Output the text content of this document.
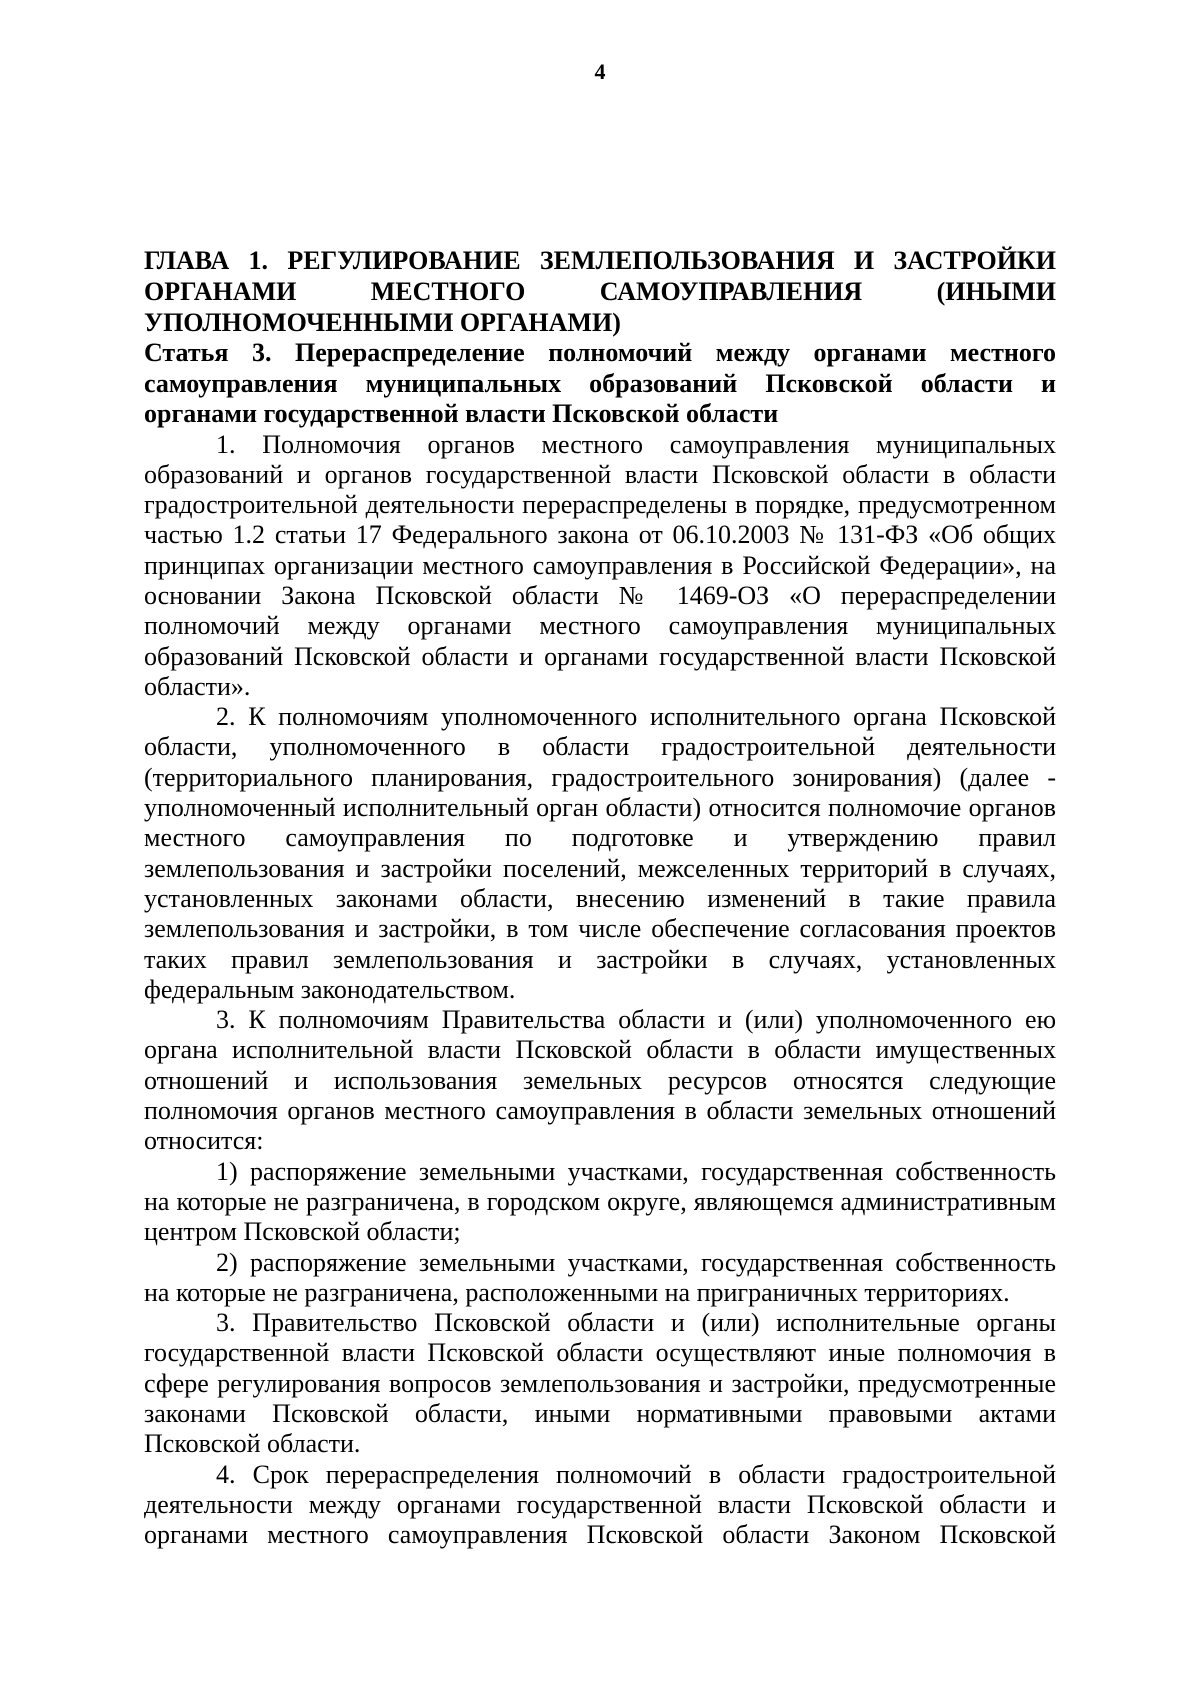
4

ГЛАВА 1. РЕГУЛИРОВАНИЕ ЗЕМЛЕПОЛЬЗОВАНИЯ И ЗАСТРОЙКИ ОРГАНАМИ МЕСТНОГО САМОУПРАВЛЕНИЯ (ИНЫМИ УПОЛНОМОЧЕННЫМИ ОРГАНАМИ)

Статья 3. Перераспределение полномочий между органами местного самоуправления муниципальных образований Псковской области и органами государственной власти Псковской области

1. Полномочия органов местного самоуправления муниципальных образований и органов государственной власти Псковской области в области градостроительной деятельности перераспределены в порядке, предусмотренном частью 1.2 статьи 17 Федерального закона от 06.10.2003 № 131-ФЗ «Об общих принципах организации местного самоуправления в Российской Федерации», на основании Закона Псковской области № 1469-ОЗ «О перераспределении полномочий между органами местного самоуправления муниципальных образований Псковской области и органами государственной власти Псковской области».

2. К полномочиям уполномоченного исполнительного органа Псковской области, уполномоченного в области градостроительной деятельности (территориального планирования, градостроительного зонирования) (далее - уполномоченный исполнительный орган области) относится полномочие органов местного самоуправления по подготовке и утверждению правил землепользования и застройки поселений, межселенных территорий в случаях, установленных законами области, внесению изменений в такие правила землепользования и застройки, в том числе обеспечение согласования проектов таких правил землепользования и застройки в случаях, установленных федеральным законодательством.

3. К полномочиям Правительства области и (или) уполномоченного ею органа исполнительной власти Псковской области в области имущественных отношений и использования земельных ресурсов относятся следующие полномочия органов местного самоуправления в области земельных отношений относится:

1) распоряжение земельными участками, государственная собственность на которые не разграничена, в городском округе, являющемся административным центром Псковской области;

2) распоряжение земельными участками, государственная собственность на которые не разграничена, расположенными на приграничных территориях.

3. Правительство Псковской области и (или) исполнительные органы государственной власти Псковской области осуществляют иные полномочия в сфере регулирования вопросов землепользования и застройки, предусмотренные законами Псковской области, иными нормативными правовыми актами Псковской области.

4. Срок перераспределения полномочий в области градостроительной деятельности между органами государственной власти Псковской области и органами местного самоуправления Псковской области Законом Псковской
